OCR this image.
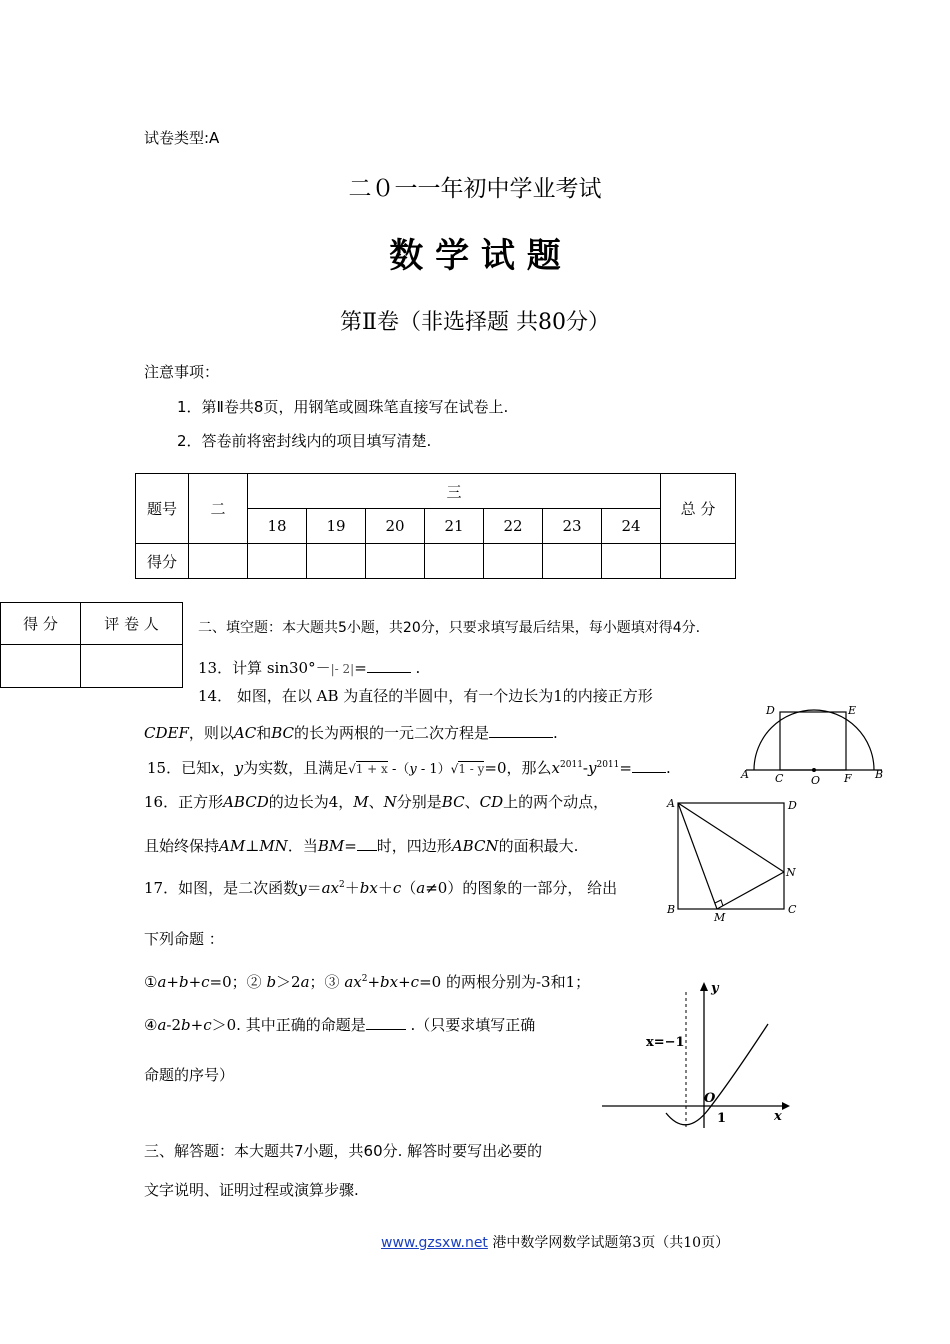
试卷类型:A
二０一一年初中学业考试
数 学 试 题
第Ⅱ卷（非选择题 共80分）
注意事项：
1．第Ⅱ卷共8页，用钢笔或圆珠笔直接写在试卷上.
2．答卷前将密封线内的项目填写清楚.
题号	二	三							总 分
		18	19	20	21	22	23	24	
得分									
得 分	评 卷 人
		二、填空题：本大题共5小题，共20分，只要求填写最后结果，每小题填对得4分.
13．计算 sin30°－|- 2|=	.
14． 如图，在以 AB 为直径的半圆中，有一个边长为1的内接正方形
CDEF，则以AC和BC的长为两根的一元二次方程是	.
15．已知x，y为实数，且满足√1 + x -（y - 1）√1 - y=0，那么$x^{2011}-y^{2011}=$ .
16．正方形ABCD的边长为4，M、N分别是BC、CD上的两个动点，
且始终保持AM⊥MN．当BM= 时，四边形ABCN的面积最大.
17．如图，是二次函数$y=ax^2+bx+c(a\ne 0)$的图象的一部分， 给出
下列命题 ：
①a+b+c=0；② b＞2a；③ $ax^2+bx+c=0$ 的两根分别为-3和1；
④a-2b+c＞0. 其中正确的命题是	.（只要求填写正确
命题的序号）
三、解答题：本大题共7小题，共60分. 解答时要写出必要的
文字说明、证明过程或演算步骤.
D	E
A C	O F B
A	D
N
B
M
C
y
x
O
1
x=−1
www.gzsxw.net 港中数学网数学试题第3页（共10页）
